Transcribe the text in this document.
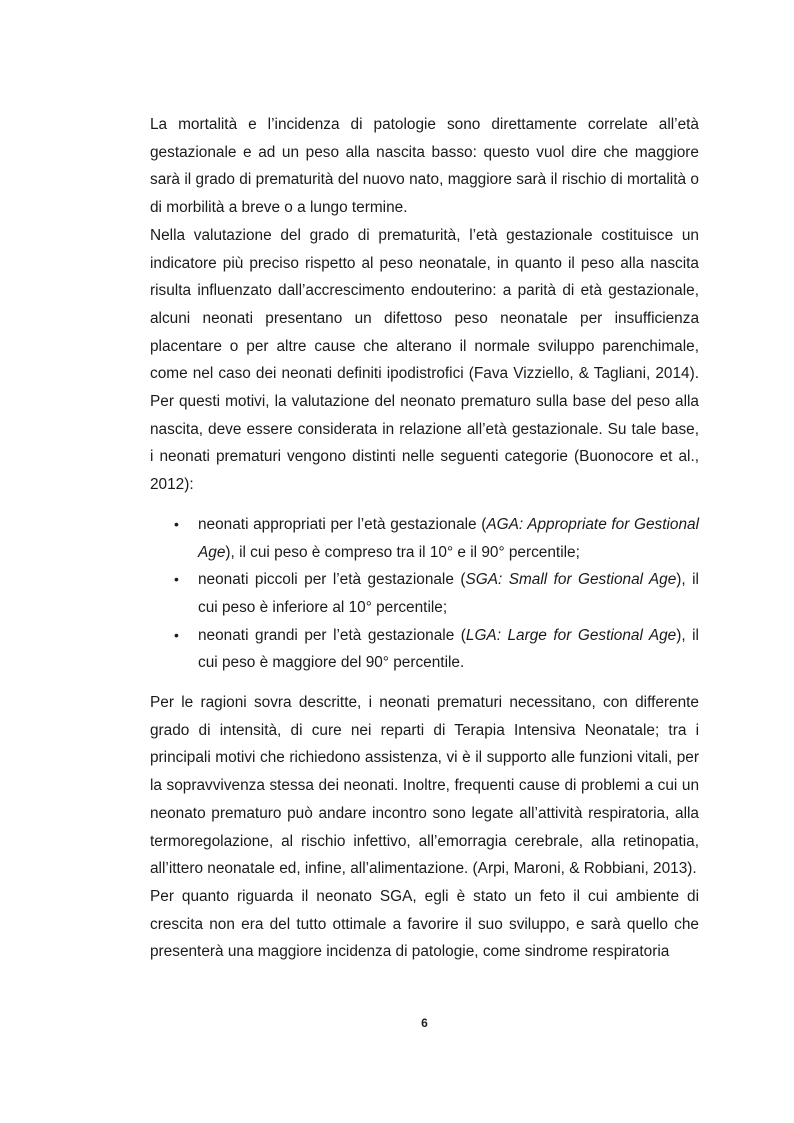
La mortalità e l’incidenza di patologie sono direttamente correlate all’età gestazionale e ad un peso alla nascita basso: questo vuol dire che maggiore sarà il grado di prematurità del nuovo nato, maggiore sarà il rischio di mortalità o di morbilità a breve o a lungo termine.

Nella valutazione del grado di prematurità, l’età gestazionale costituisce un indicatore più preciso rispetto al peso neonatale, in quanto il peso alla nascita risulta influenzato dall’accrescimento endouterino: a parità di età gestazionale, alcuni neonati presentano un difettoso peso neonatale per insufficienza placentare o per altre cause che alterano il normale sviluppo parenchimale, come nel caso dei neonati definiti ipodistrofici (Fava Vizziello, & Tagliani, 2014). Per questi motivi, la valutazione del neonato prematuro sulla base del peso alla nascita, deve essere considerata in relazione all’età gestazionale. Su tale base, i neonati prematuri vengono distinti nelle seguenti categorie (Buonocore et al., 2012):

• neonati appropriati per l’età gestazionale (AGA: Appropriate for Gestional Age), il cui peso è compreso tra il 10° e il 90° percentile;
• neonati piccoli per l’età gestazionale (SGA: Small for Gestional Age), il cui peso è inferiore al 10° percentile;
• neonati grandi per l’età gestazionale (LGA: Large for Gestional Age), il cui peso è maggiore del 90° percentile.

Per le ragioni sovra descritte, i neonati prematuri necessitano, con differente grado di intensità, di cure nei reparti di Terapia Intensiva Neonatale; tra i principali motivi che richiedono assistenza, vi è il supporto alle funzioni vitali, per la sopravvivenza stessa dei neonati. Inoltre, frequenti cause di problemi a cui un neonato prematuro può andare incontro sono legate all’attività respiratoria, alla termoregolazione, al rischio infettivo, all’emorragia cerebrale, alla retinopatia, all’ittero neonatale ed, infine, all’alimentazione. (Arpi, Maroni, & Robbiani, 2013).

Per quanto riguarda il neonato SGA, egli è stato un feto il cui ambiente di crescita non era del tutto ottimale a favorire il suo sviluppo, e sarà quello che presenterà una maggiore incidenza di patologie, come sindrome respiratoria

6
